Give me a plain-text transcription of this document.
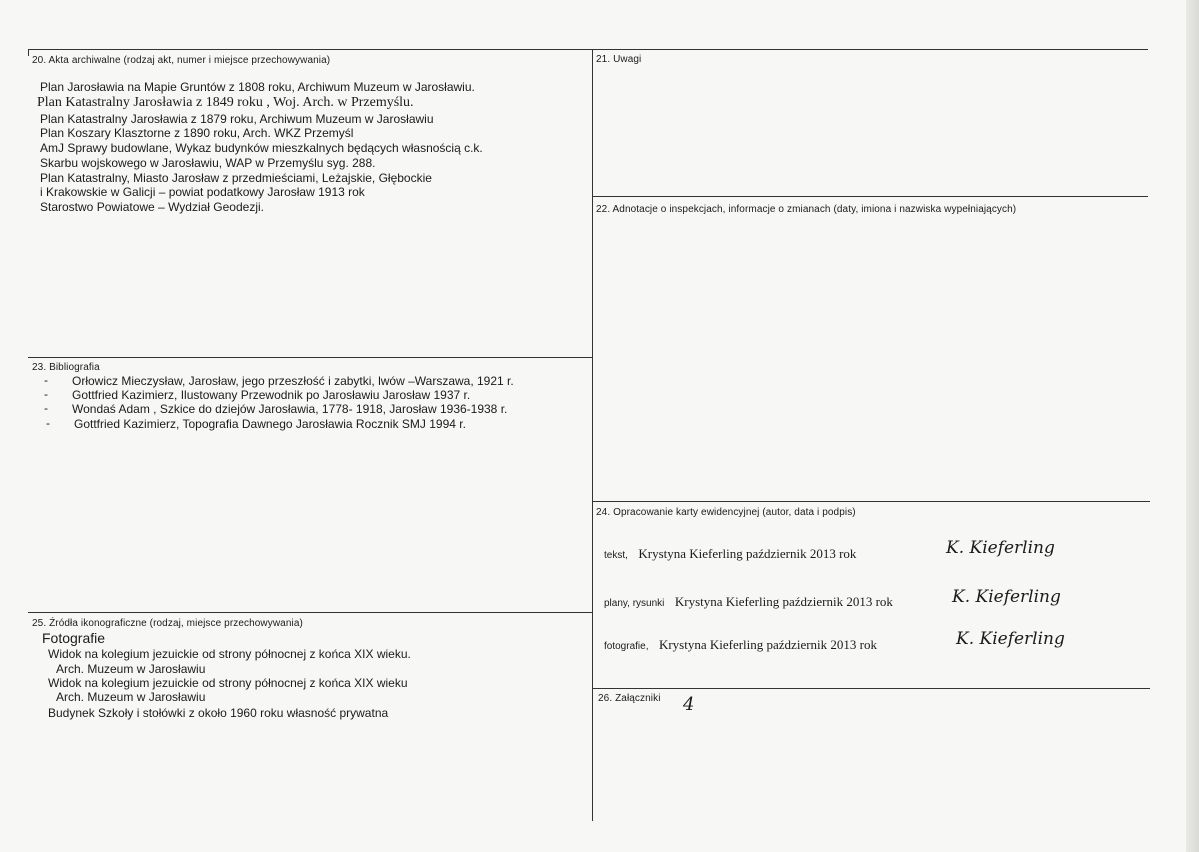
20. Akta archiwalne (rodzaj akt, numer i miejsce przechowywania)
Plan Jarosławia na Mapie Gruntów z 1808 roku, Archiwum Muzeum w Jarosławiu.
Plan Katastralny Jarosławia z 1849 roku , Woj. Arch. w Przemyślu.
Plan Katastralny Jarosławia z 1879 roku, Archiwum Muzeum w Jarosławiu
Plan Koszary Klasztorne z 1890 roku, Arch. WKZ Przemyśl
AmJ Sprawy budowlane, Wykaz budynków mieszkalnych będących własnością c.k.
Skarbu wojskowego w Jarosławiu, WAP w Przemyślu syg. 288.
Plan Katastralny, Miasto Jarosław z przedmieściami, Leżajskie, Głębockie
i Krakowskie w Galicji – powiat podatkowy Jarosław 1913 rok
Starostwo Powiatowe – Wydział Geodezji.
21. Uwagi
22. Adnotacje o inspekcjach, informacje o zmianach (daty, imiona i nazwiska wypełniających)
23. Bibliografia
- Orłowicz Mieczysław, Jarosław, jego przeszłość i zabytki, lwów –Warszawa, 1921 r.
- Gottfried Kazimierz, Ilustowany Przewodnik po Jarosławiu Jarosław 1937 r.
- Wondaś Adam , Szkice do dziejów Jarosławia, 1778- 1918, Jarosław 1936-1938 r.
- Gottfried Kazimierz, Topografia Dawnego Jarosławia Rocznik SMJ 1994 r.
24. Opracowanie karty ewidencyjnej (autor, data i podpis)
tekst, Krystyna Kieferling październik 2013 rok	K. Kieferling
plany, rysunki Krystyna Kieferling październik 2013 rok	K. Kieferling
fotografie, Krystyna Kieferling październik 2013 rok	K. Kieferling
25. Źródła ikonograficzne (rodzaj, miejsce przechowywania)
Fotografie
Widok na kolegium jezuickie od strony północnej z końca XIX wieku.
Arch. Muzeum w Jarosławiu
Widok na kolegium jezuickie od strony północnej z końca XIX wieku
Arch. Muzeum w Jarosławiu
Budynek Szkoły i stołówki z około 1960 roku własność prywatna
26. Załączniki 4
